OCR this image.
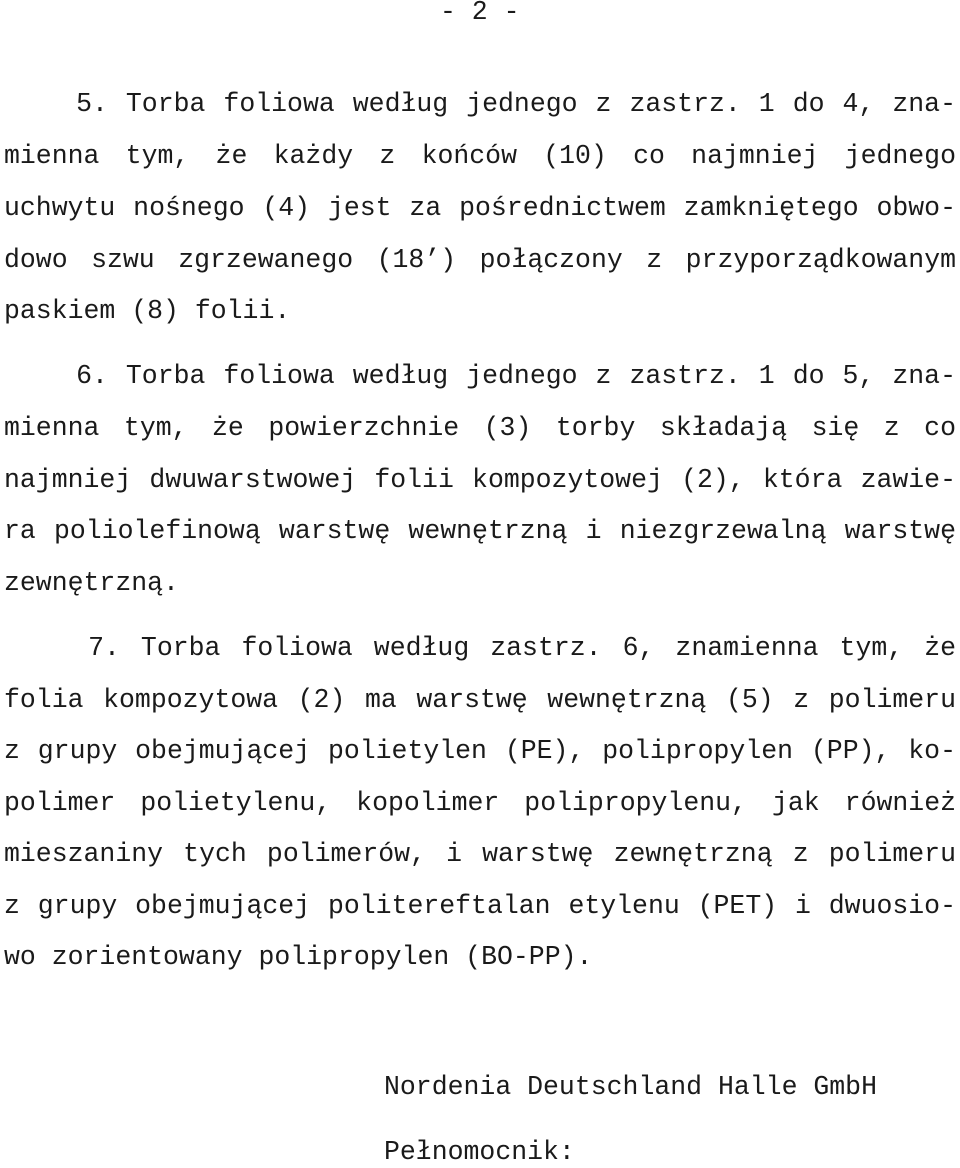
- 2 -
5. Torba foliowa według jednego z zastrz. 1 do 4, zna-
mienna tym, że każdy z końców (10) co najmniej jednego
uchwytu nośnego (4) jest za pośrednictwem zamkniętego obwo-
dowo szwu zgrzewanego (18’) połączony z przyporządkowanym
paskiem (8) folii.
6. Torba foliowa według jednego z zastrz. 1 do 5, zna-
mienna tym, że powierzchnie (3) torby składają się z co
najmniej dwuwarstwowej folii kompozytowej (2), która zawie-
ra poliolefinową warstwę wewnętrzną i niezgrzewalną warstwę
zewnętrzną.
7. Torba foliowa według zastrz. 6, znamienna tym, że
folia kompozytowa (2) ma warstwę wewnętrzną (5) z polimeru
z grupy obejmującej polietylen (PE), polipropylen (PP), ko-
polimer polietylenu, kopolimer polipropylenu, jak również
mieszaniny tych polimerów, i warstwę zewnętrzną z polimeru
z grupy obejmującej politereftalan etylenu (PET) i dwuosio-
wo zorientowany polipropylen (BO-PP).
Nordenia Deutschland Halle GmbH
Pełnomocnik:
